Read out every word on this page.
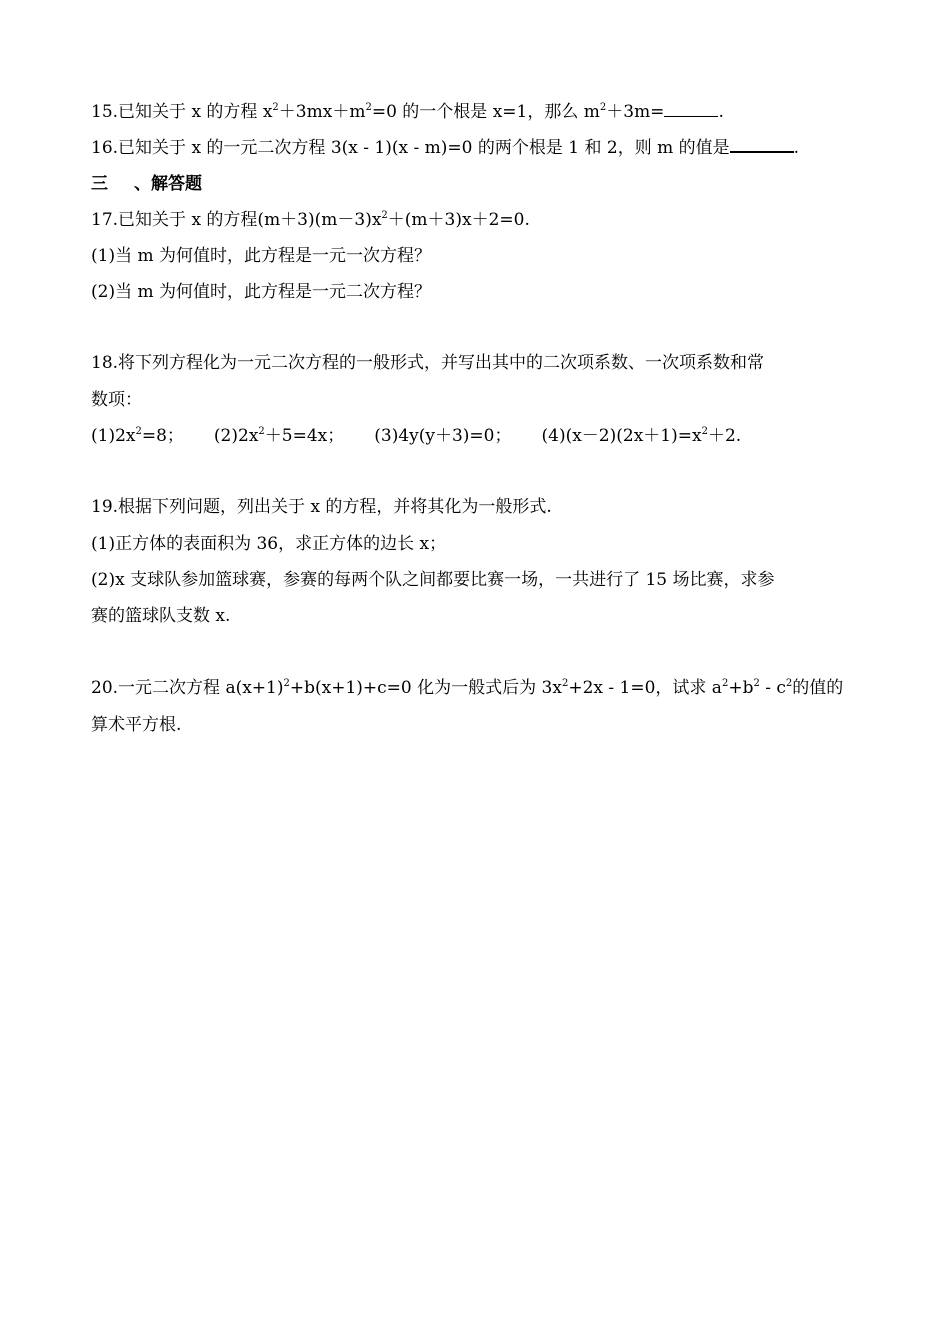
15.已知关于 x 的方程 $x^2+3mx+m^2=0$ 的一个根是 x=1，那么 $m^2+3m=$	.
16.已知关于 x 的一元二次方程 3(x - 1)(x - m)=0 的两个根是 1 和 2，则 m 的值是	.
三 、解答题
17.已知关于 x 的方程$(m+3)(m-3)x^2+(m+3)x+2=0$.
(1)当 m 为何值时，此方程是一元一次方程？
(2)当 m 为何值时，此方程是一元二次方程？
18.将下列方程化为一元二次方程的一般形式，并写出其中的二次项系数、一次项系数和常
数项：
$(1)2x^2=8$； $(2)2x^2+5=4x$； (3)4y(y＋3)=0； $(4)(x-2)(2x+1)=x^2+2$.
19.根据下列问题，列出关于 x 的方程，并将其化为一般形式.
(1)正方体的表面积为 36，求正方体的边长 x；
(2)x 支球队参加篮球赛，参赛的每两个队之间都要比赛一场，一共进行了 15 场比赛，求参
赛的篮球队支数 x.
20.一元二次方程 $a(x+1)^2+b(x+1)+c=0$ 化为一般式后为 $3x^2+2x - 1=0$，试求 $a^2+b^2 - c^2$的值的
算术平方根.
